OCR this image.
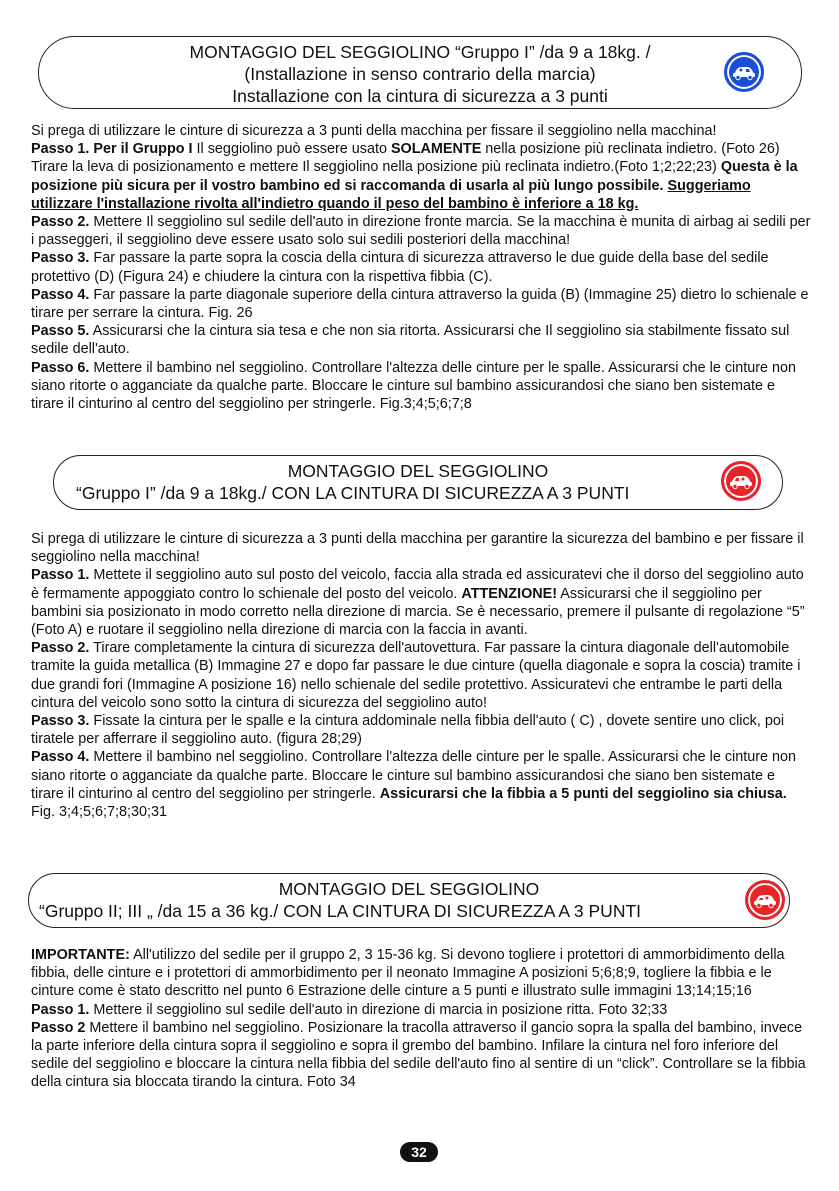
MONTAGGIO DEL SEGGIOLINO “Gruppo I” /da 9 a 18kg. /
(Installazione in senso contrario della marcia)
Installazione con la cintura di sicurezza a 3 punti

Si prega di utilizzare le cinture di sicurezza a 3 punti della macchina per fissare il seggiolino nella macchina!

Passo 1. Per il Gruppo I Il seggiolino può essere usato SOLAMENTE nella posizione più reclinata indietro. (Foto 26) Tirare la leva di posizionamento e mettere Il seggiolino nella posizione più reclinata indietro.(Foto 1;2;22;23) Questa è la posizione più sicura per il vostro bambino ed si raccomanda di usarla al più lungo possibile. Suggeriamo utilizzare l'installazione rivolta all'indietro quando il peso del bambino è inferiore a 18 kg.

Passo 2. Mettere Il seggiolino sul sedile dell'auto in direzione fronte marcia. Se la macchina è munita di airbag ai sedili per i passeggeri, il seggiolino deve essere usato solo sui sedili posteriori della macchina!

Passo 3. Far passare la parte sopra la coscia della cintura di sicurezza attraverso le due guide della base del sedile protettivo (D) (Figura 24) e chiudere la cintura con la rispettiva fibbia (C).

Passo 4. Far passare la parte diagonale superiore della cintura attraverso la guida (B) (Immagine 25) dietro lo schienale e tirare per serrare la cintura. Fig. 26

Passo 5. Assicurarsi che la cintura sia tesa e che non sia ritorta. Assicurarsi che Il seggiolino sia stabilmente fissato sul sedile dell'auto.

Passo 6. Mettere il bambino nel seggiolino. Controllare l'altezza delle cinture per le spalle. Assicurarsi che le cinture non siano ritorte o agganciate da qualche parte. Bloccare le cinture sul bambino assicurandosi che siano ben sistemate e tirare il cinturino al centro del seggiolino per stringerle. Fig.3;4;5;6;7;8

MONTAGGIO DEL SEGGIOLINO
“Gruppo I” /da 9 a 18kg./ CON LA CINTURA DI SICUREZZA A 3 PUNTI

Si prega di utilizzare le cinture di sicurezza a 3 punti della macchina per garantire la sicurezza del bambino e per fissare il seggiolino nella macchina!

Passo 1. Mettete il seggiolino auto sul posto del veicolo, faccia alla strada ed assicuratevi che il dorso del seggiolino auto è fermamente appoggiato contro lo schienale del posto del veicolo. ATTENZIONE! Assicurarsi che il seggiolino per bambini sia posizionato in modo corretto nella direzione di marcia. Se è necessario, premere il pulsante di regolazione “5” (Foto A) e ruotare il seggiolino nella direzione di marcia con la faccia in avanti.

Passo 2. Tirare completamente la cintura di sicurezza dell'autovettura. Far passare la cintura diagonale dell'automobile tramite la guida metallica (B) Immagine 27 e dopo far passare le due cinture (quella diagonale e sopra la coscia) tramite i due grandi fori (Immagine A posizione 16) nello schienale del sedile protettivo. Assicuratevi che entrambe le parti della cintura del veicolo sono sotto la cintura di sicurezza del seggiolino auto!

Passo 3. Fissate la cintura per le spalle e la cintura addominale nella fibbia dell'auto ( C) , dovete sentire uno click, poi tiratele per afferrare il seggiolino auto. (figura 28;29)

Passo 4. Mettere il bambino nel seggiolino. Controllare l'altezza delle cinture per le spalle. Assicurarsi che le cinture non siano ritorte o agganciate da qualche parte. Bloccare le cinture sul bambino assicurandosi che siano ben sistemate e tirare il cinturino al centro del seggiolino per stringerle. Assicurarsi che la fibbia a 5 punti del seggiolino sia chiusa. Fig. 3;4;5;6;7;8;30;31

MONTAGGIO DEL SEGGIOLINO
“Gruppo II; III „ /da 15 a 36 kg./ CON LA CINTURA DI SICUREZZA A 3 PUNTI

IMPORTANTE: All'utilizzo del sedile per il gruppo 2, 3 15-36 kg. Si devono togliere i protettori di ammorbidimento della fibbia, delle cinture e i protettori di ammorbidimento per il neonato Immagine A posizioni 5;6;8;9, togliere la fibbia e le cinture come è stato descritto nel punto 6 Estrazione delle cinture a 5 punti e illustrato sulle immagini 13;14;15;16

Passo 1. Mettere il seggiolino sul sedile dell'auto in direzione di marcia in posizione ritta. Foto 32;33

Passo 2 Mettere il bambino nel seggiolino. Posizionare la tracolla attraverso il gancio sopra la spalla del bambino, invece la parte inferiore della cintura sopra il seggiolino e sopra il grembo del bambino. Infilare la cintura nel foro inferiore del sedile del seggiolino e bloccare la cintura nella fibbia del sedile dell'auto fino al sentire di un “click”. Controllare se la fibbia della cintura sia bloccata tirando la cintura. Foto 34

32
